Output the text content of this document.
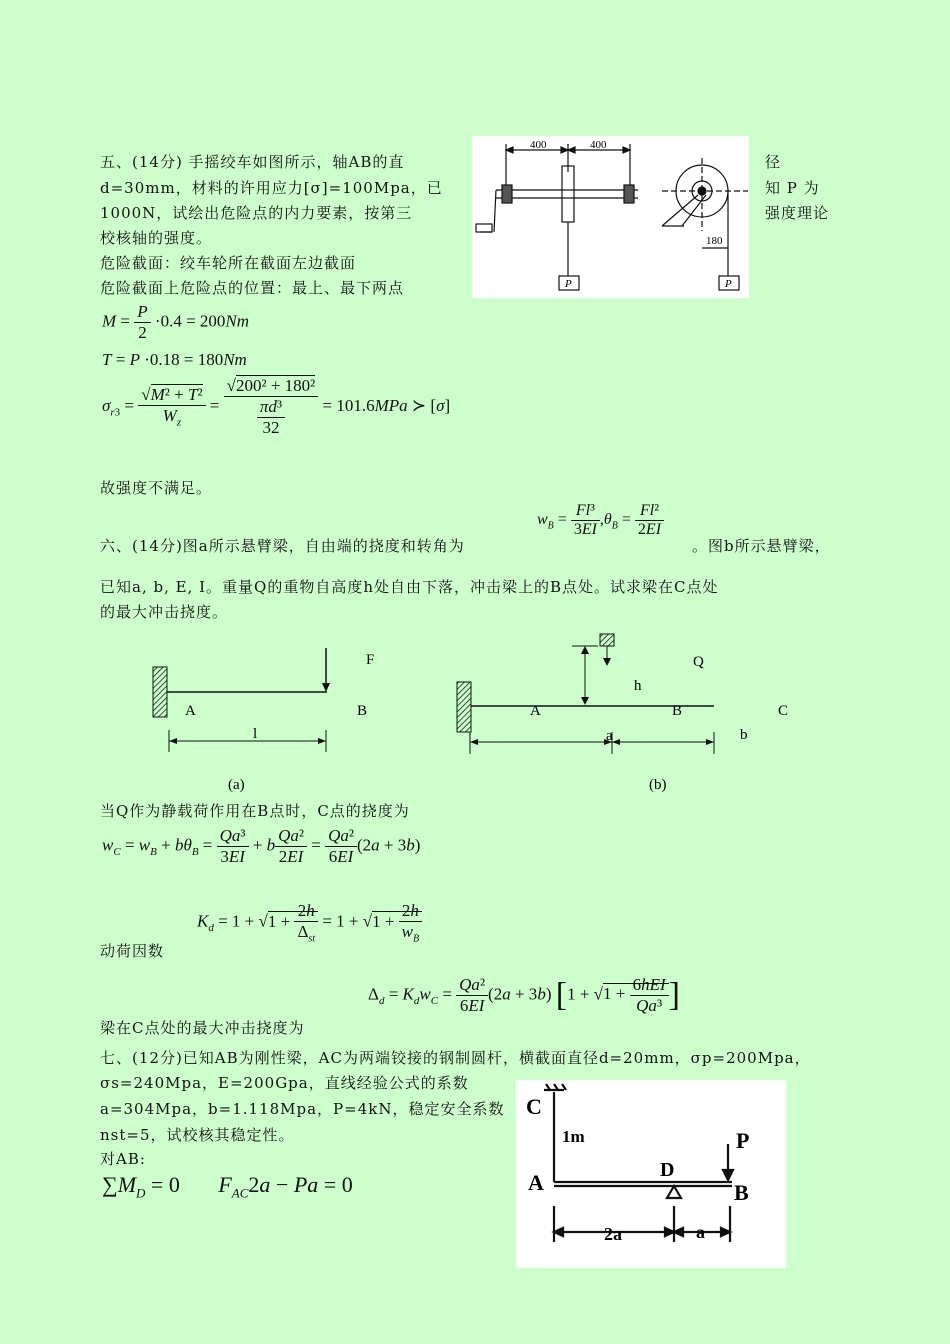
五、(14分) 手摇绞车如图所示，轴AB的直
d=30mm，材料的许用应力[σ]=100Mpa，已
1000N，试绘出危险点的内力要素，按第三
校核轴的强度。
径
知 P 为
强度理论
400	400
180
P	P
危险截面：绞车轮所在截面左边截面
危险截面上危险点的位置：最上、最下两点
$M = \frac{P}{2} \cdot 0.4 = 200Nm$
T = P ·0.18 = 180Nm
$\sigma_{r3} = \frac{\text{√M² + T²}}{W_z} = \frac{\text{√200² + 180²}}{\frac{\text{πd³}}{32}} = 101.6MPa$ ≻ [σ]
故强度不满足。
六、(14分)图a所示悬臂梁，自由端的挠度和转角为
$w_B = \frac{\text{Fl³}}{3EI} ,\theta_B = \frac{\text{Fl²}}{2EI}$
。图b所示悬臂梁，
已知a, b, E, I。重量Q的重物自高度h处自由下落，冲击梁上的B点处。试求梁在C点处
的最大冲击挠度。
F
A	B
l
(a)
Q
h
A	B	C
a	b
(b)
当Q作为静载荷作用在B点时，C点的挠度为
$w_C = w_B + b\theta_B = \frac{\text{Qa³}}{3EI} + b \frac{\text{Qa²}}{2EI} = \frac{\text{Qa²}}{6EI} (2a + 3b)$
$K_d = 1 + √1 + \frac{2h}{\Delta_{st}} = 1 + √1 + \frac{2h}{w_B}$
动荷因数
$\Delta_d = K_dw_C = \frac{\text{Qa²}}{6EI} (2a + 3b) [1 + √1 + \frac{\text{6hEI}}{\text{Qa³}}$ ]
梁在C点处的最大冲击挠度为
七、(12分)已知AB为刚性梁，AC为两端铰接的钢制圆杆，横截面直径d=20mm，σp=200Mpa，
σs=240Mpa，E=200Gpa，直线经验公式的系数
a=304Mpa，b=1.118Mpa，P=4kN，稳定安全系数
nst=5，试校核其稳定性。
对AB:
$\sum M_D = 0$       $F_{AC}2a - Pa = 0$
C
1m
A	D
B
P
2a	a
